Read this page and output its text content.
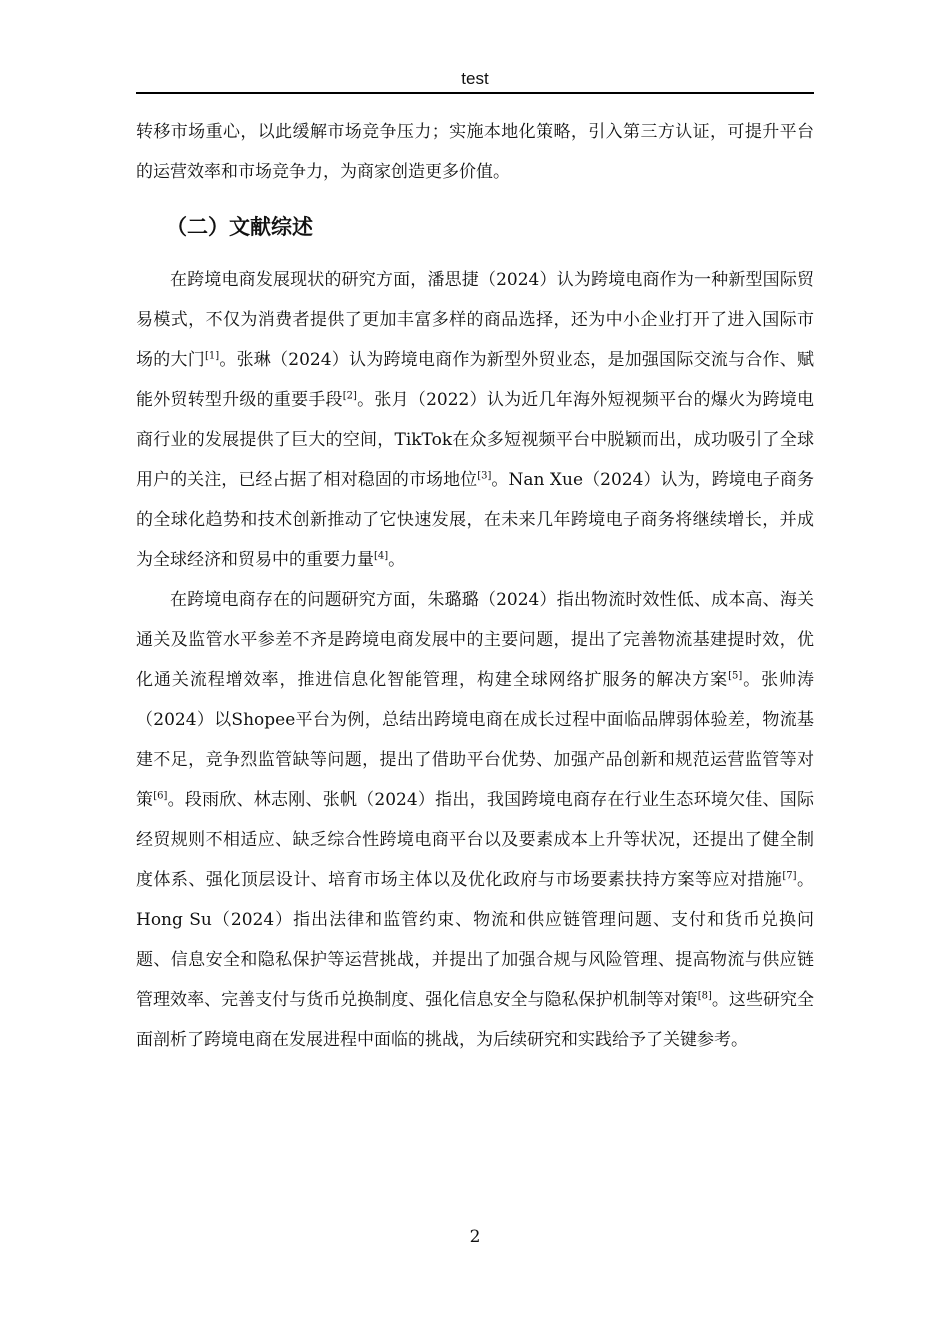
test

转移市场重心，以此缓解市场竞争压力；实施本地化策略，引入第三方认证，可提升平台的运营效率和市场竞争力，为商家创造更多价值。

（二）文献综述

在跨境电商发展现状的研究方面，潘思捷（2024）认为跨境电商作为一种新型国际贸易模式，不仅为消费者提供了更加丰富多样的商品选择，还为中小企业打开了进入国际市场的大门[1]。张琳（2024）认为跨境电商作为新型外贸业态，是加强国际交流与合作、赋能外贸转型升级的重要手段[2]。张月（2022）认为近几年海外短视频平台的爆火为跨境电商行业的发展提供了巨大的空间，TikTok在众多短视频平台中脱颖而出，成功吸引了全球用户的关注，已经占据了相对稳固的市场地位[3]。Nan Xue（2024）认为，跨境电子商务的全球化趋势和技术创新推动了它快速发展，在未来几年跨境电子商务将继续增长，并成为全球经济和贸易中的重要力量[4]。

在跨境电商存在的问题研究方面，朱璐璐（2024）指出物流时效性低、成本高、海关通关及监管水平参差不齐是跨境电商发展中的主要问题，提出了完善物流基建提时效，优化通关流程增效率，推进信息化智能管理，构建全球网络扩服务的解决方案[5]。张帅涛（2024）以Shopee平台为例，总结出跨境电商在成长过程中面临品牌弱体验差，物流基建不足，竞争烈监管缺等问题，提出了借助平台优势、加强产品创新和规范运营监管等对策[6]。段雨欣、林志刚、张帆（2024）指出，我国跨境电商存在行业生态环境欠佳、国际经贸规则不相适应、缺乏综合性跨境电商平台以及要素成本上升等状况，还提出了健全制度体系、强化顶层设计、培育市场主体以及优化政府与市场要素扶持方案等应对措施[7]。Hong Su（2024）指出法律和监管约束、物流和供应链管理问题、支付和货币兑换问题、信息安全和隐私保护等运营挑战，并提出了加强合规与风险管理、提高物流与供应链管理效率、完善支付与货币兑换制度、强化信息安全与隐私保护机制等对策[8]。这些研究全面剖析了跨境电商在发展进程中面临的挑战，为后续研究和实践给予了关键参考。

2
